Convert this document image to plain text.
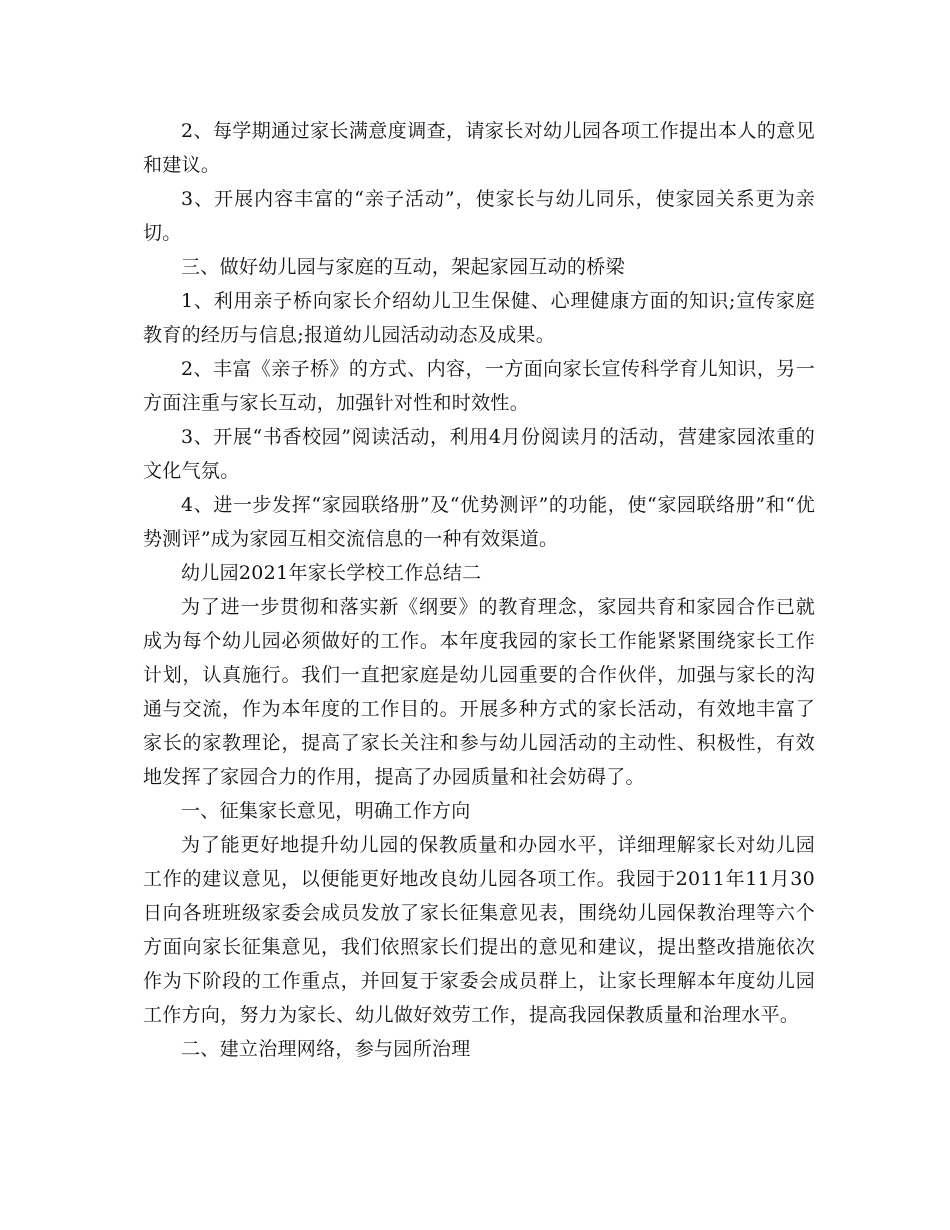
2、每学期通过家长满意度调查，请家长对幼儿园各项工作提出本人的意见和建议。

3、开展内容丰富的“亲子活动”，使家长与幼儿同乐，使家园关系更为亲切。

三、做好幼儿园与家庭的互动，架起家园互动的桥梁

1、利用亲子桥向家长介绍幼儿卫生保健、心理健康方面的知识;宣传家庭教育的经历与信息;报道幼儿园活动动态及成果。

2、丰富《亲子桥》的方式、内容，一方面向家长宣传科学育儿知识，另一方面注重与家长互动，加强针对性和时效性。

3、开展“书香校园”阅读活动，利用4月份阅读月的活动，营建家园浓重的文化气氛。

4、进一步发挥“家园联络册”及“优势测评”的功能，使“家园联络册”和“优势测评”成为家园互相交流信息的一种有效渠道。

幼儿园2021年家长学校工作总结二

为了进一步贯彻和落实新《纲要》的教育理念，家园共育和家园合作已就成为每个幼儿园必须做好的工作。本年度我园的家长工作能紧紧围绕家长工作计划，认真施行。我们一直把家庭是幼儿园重要的合作伙伴，加强与家长的沟通与交流，作为本年度的工作目的。开展多种方式的家长活动，有效地丰富了家长的家教理论，提高了家长关注和参与幼儿园活动的主动性、积极性，有效地发挥了家园合力的作用，提高了办园质量和社会妨碍了。

一、征集家长意见，明确工作方向

为了能更好地提升幼儿园的保教质量和办园水平，详细理解家长对幼儿园工作的建议意见，以便能更好地改良幼儿园各项工作。我园于2011年11月30日向各班班级家委会成员发放了家长征集意见表，围绕幼儿园保教治理等六个方面向家长征集意见，我们依照家长们提出的意见和建议，提出整改措施依次作为下阶段的工作重点，并回复于家委会成员群上，让家长理解本年度幼儿园工作方向，努力为家长、幼儿做好效劳工作，提高我园保教质量和治理水平。

二、建立治理网络，参与园所治理
